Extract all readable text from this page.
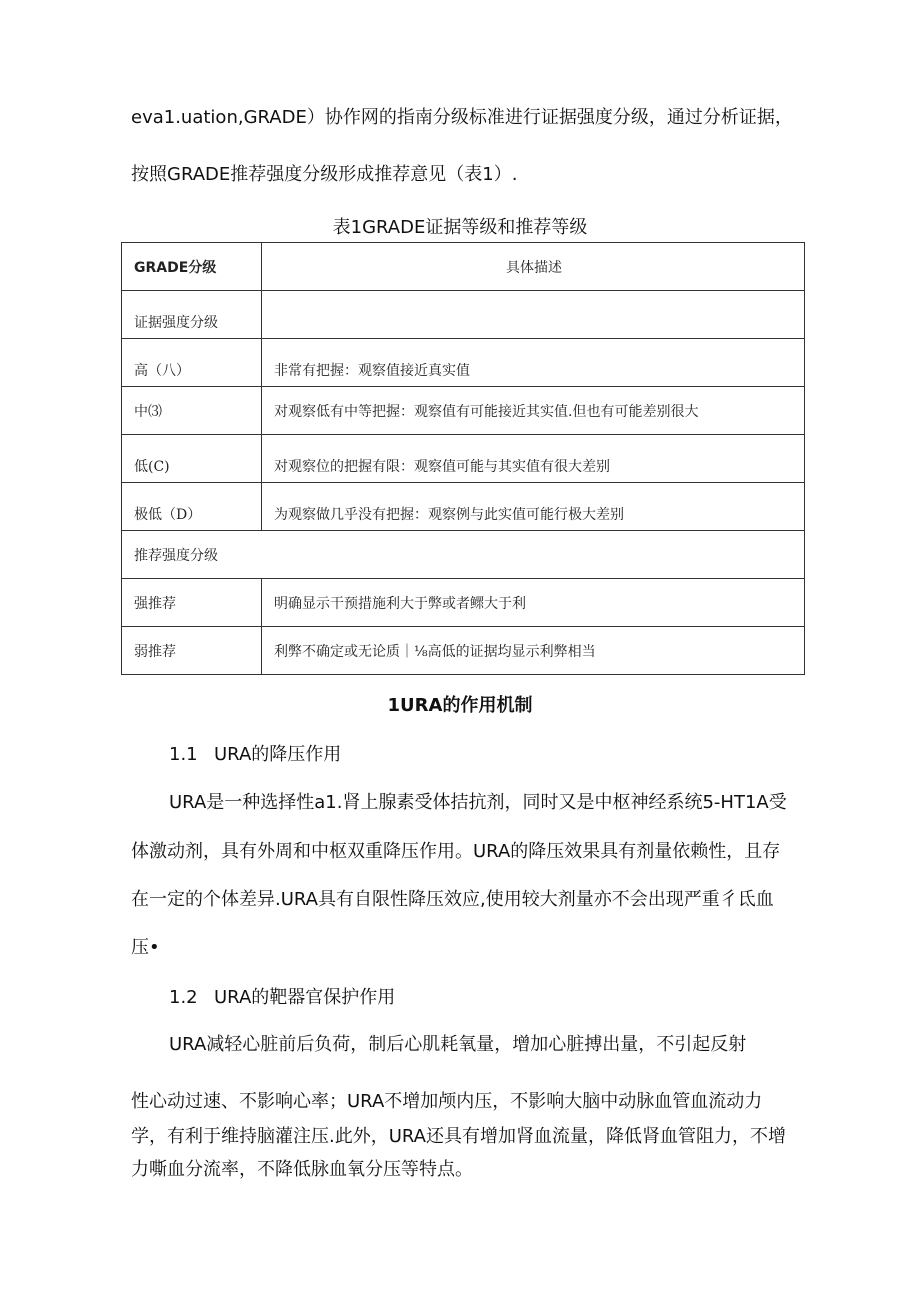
eva1.uation,GRADE）协作网的指南分级标准进行证据强度分级，通过分析证据，
按照GRADE推荐强度分级形成推荐意见（表1）.
表1GRADE证据等级和推荐等级
GRADE分级	具体描述
证据强度分级	
高（八）	非常有把握：观察值接近真实值
中⑶	对观察低有中等把握：观察值有可能接近其实值.但也有可能差别很大
低(C)	对观察位的把握有限：观察值可能与其实值有很大差别
极低（D）	为观察做几乎没有把握：观察例与此实值可能行极大差别
推荐强度分级	
强推荐	明确显示干预措施利大于弊或者鳏大于利
弱推荐	利弊不确定或无论质｜⅛高低的证据均显示利弊相当
1URA的作用机制
1.1 URA的降压作用
URA是一种选择性a1.肾上腺素受体拮抗剂，同时又是中枢神经系统5-HT1A受
体激动剂，具有外周和中枢双重降压作用。URA的降压效果具有剂量依赖性，且存
在一定的个体差异.URA具有自限性降压效应,使用较大剂量亦不会出现严重彳氐血
压•
1.2 URA的靶器官保护作用
URA减轻心脏前后负荷，制后心肌耗氧量，增加心脏搏出量，不引起反射
性心动过速、不影响心率；URA不增加颅内压，不影响大脑中动脉血管血流动力
学，有利于维持脑灌注压.此外，URA还具有增加肾血流量，降低肾血管阻力，不增
力嘶血分流率，不降低脉血氧分压等特点。
